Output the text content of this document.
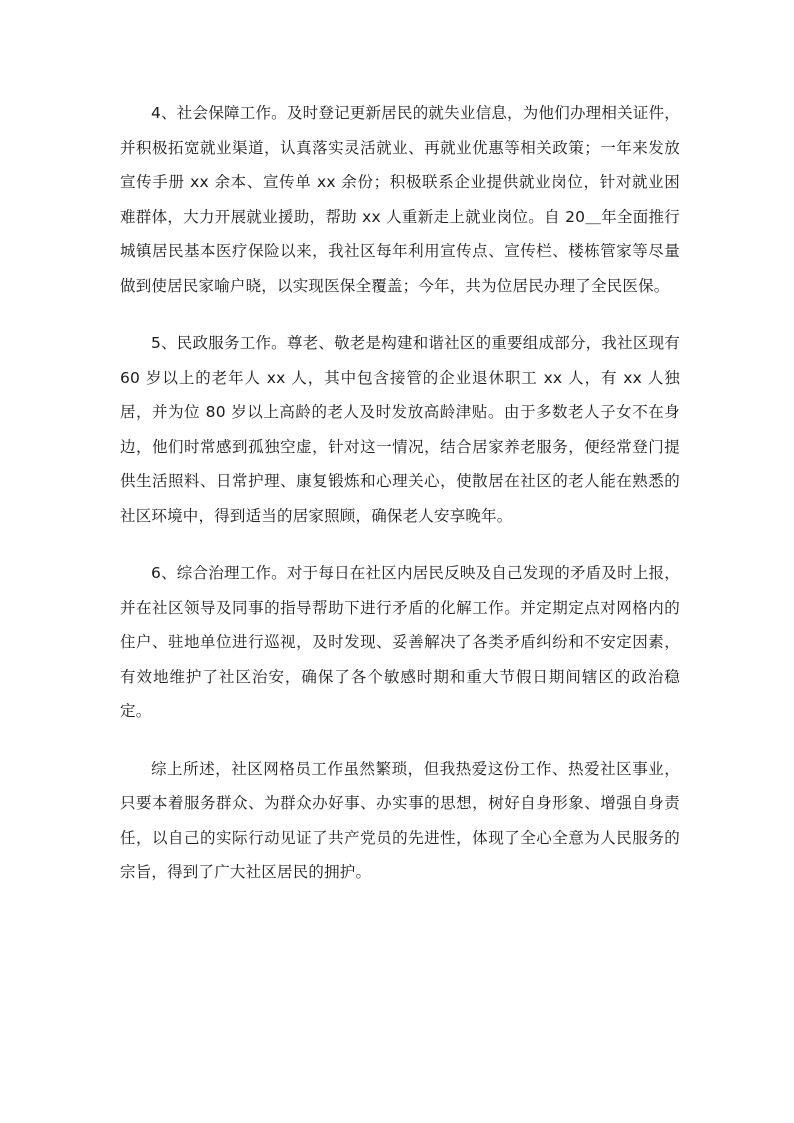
4、社会保障工作。及时登记更新居民的就失业信息，为他们办理相关证件，并积极拓宽就业渠道，认真落实灵活就业、再就业优惠等相关政策；一年来发放宣传手册 xx 余本、宣传单 xx 余份；积极联系企业提供就业岗位，针对就业困难群体，大力开展就业援助，帮助 xx 人重新走上就业岗位。自 20＿年全面推行城镇居民基本医疗保险以来，我社区每年利用宣传点、宣传栏、楼栋管家等尽量做到使居民家喻户晓，以实现医保全覆盖；今年，共为位居民办理了全民医保。

5、民政服务工作。尊老、敬老是构建和谐社区的重要组成部分，我社区现有 60 岁以上的老年人 xx 人，其中包含接管的企业退休职工 xx 人，有 xx 人独居，并为位 80 岁以上高龄的老人及时发放高龄津贴。由于多数老人子女不在身边，他们时常感到孤独空虚，针对这一情况，结合居家养老服务，便经常登门提供生活照料、日常护理、康复锻炼和心理关心，使散居在社区的老人能在熟悉的社区环境中，得到适当的居家照顾，确保老人安享晚年。

6、综合治理工作。对于每日在社区内居民反映及自己发现的矛盾及时上报，并在社区领导及同事的指导帮助下进行矛盾的化解工作。并定期定点对网格内的住户、驻地单位进行巡视，及时发现、妥善解决了各类矛盾纠纷和不安定因素，有效地维护了社区治安，确保了各个敏感时期和重大节假日期间辖区的政治稳定。

综上所述，社区网格员工作虽然繁琐，但我热爱这份工作、热爱社区事业，只要本着服务群众、为群众办好事、办实事的思想，树好自身形象、增强自身责任，以自己的实际行动见证了共产党员的先进性，体现了全心全意为人民服务的宗旨，得到了广大社区居民的拥护。
